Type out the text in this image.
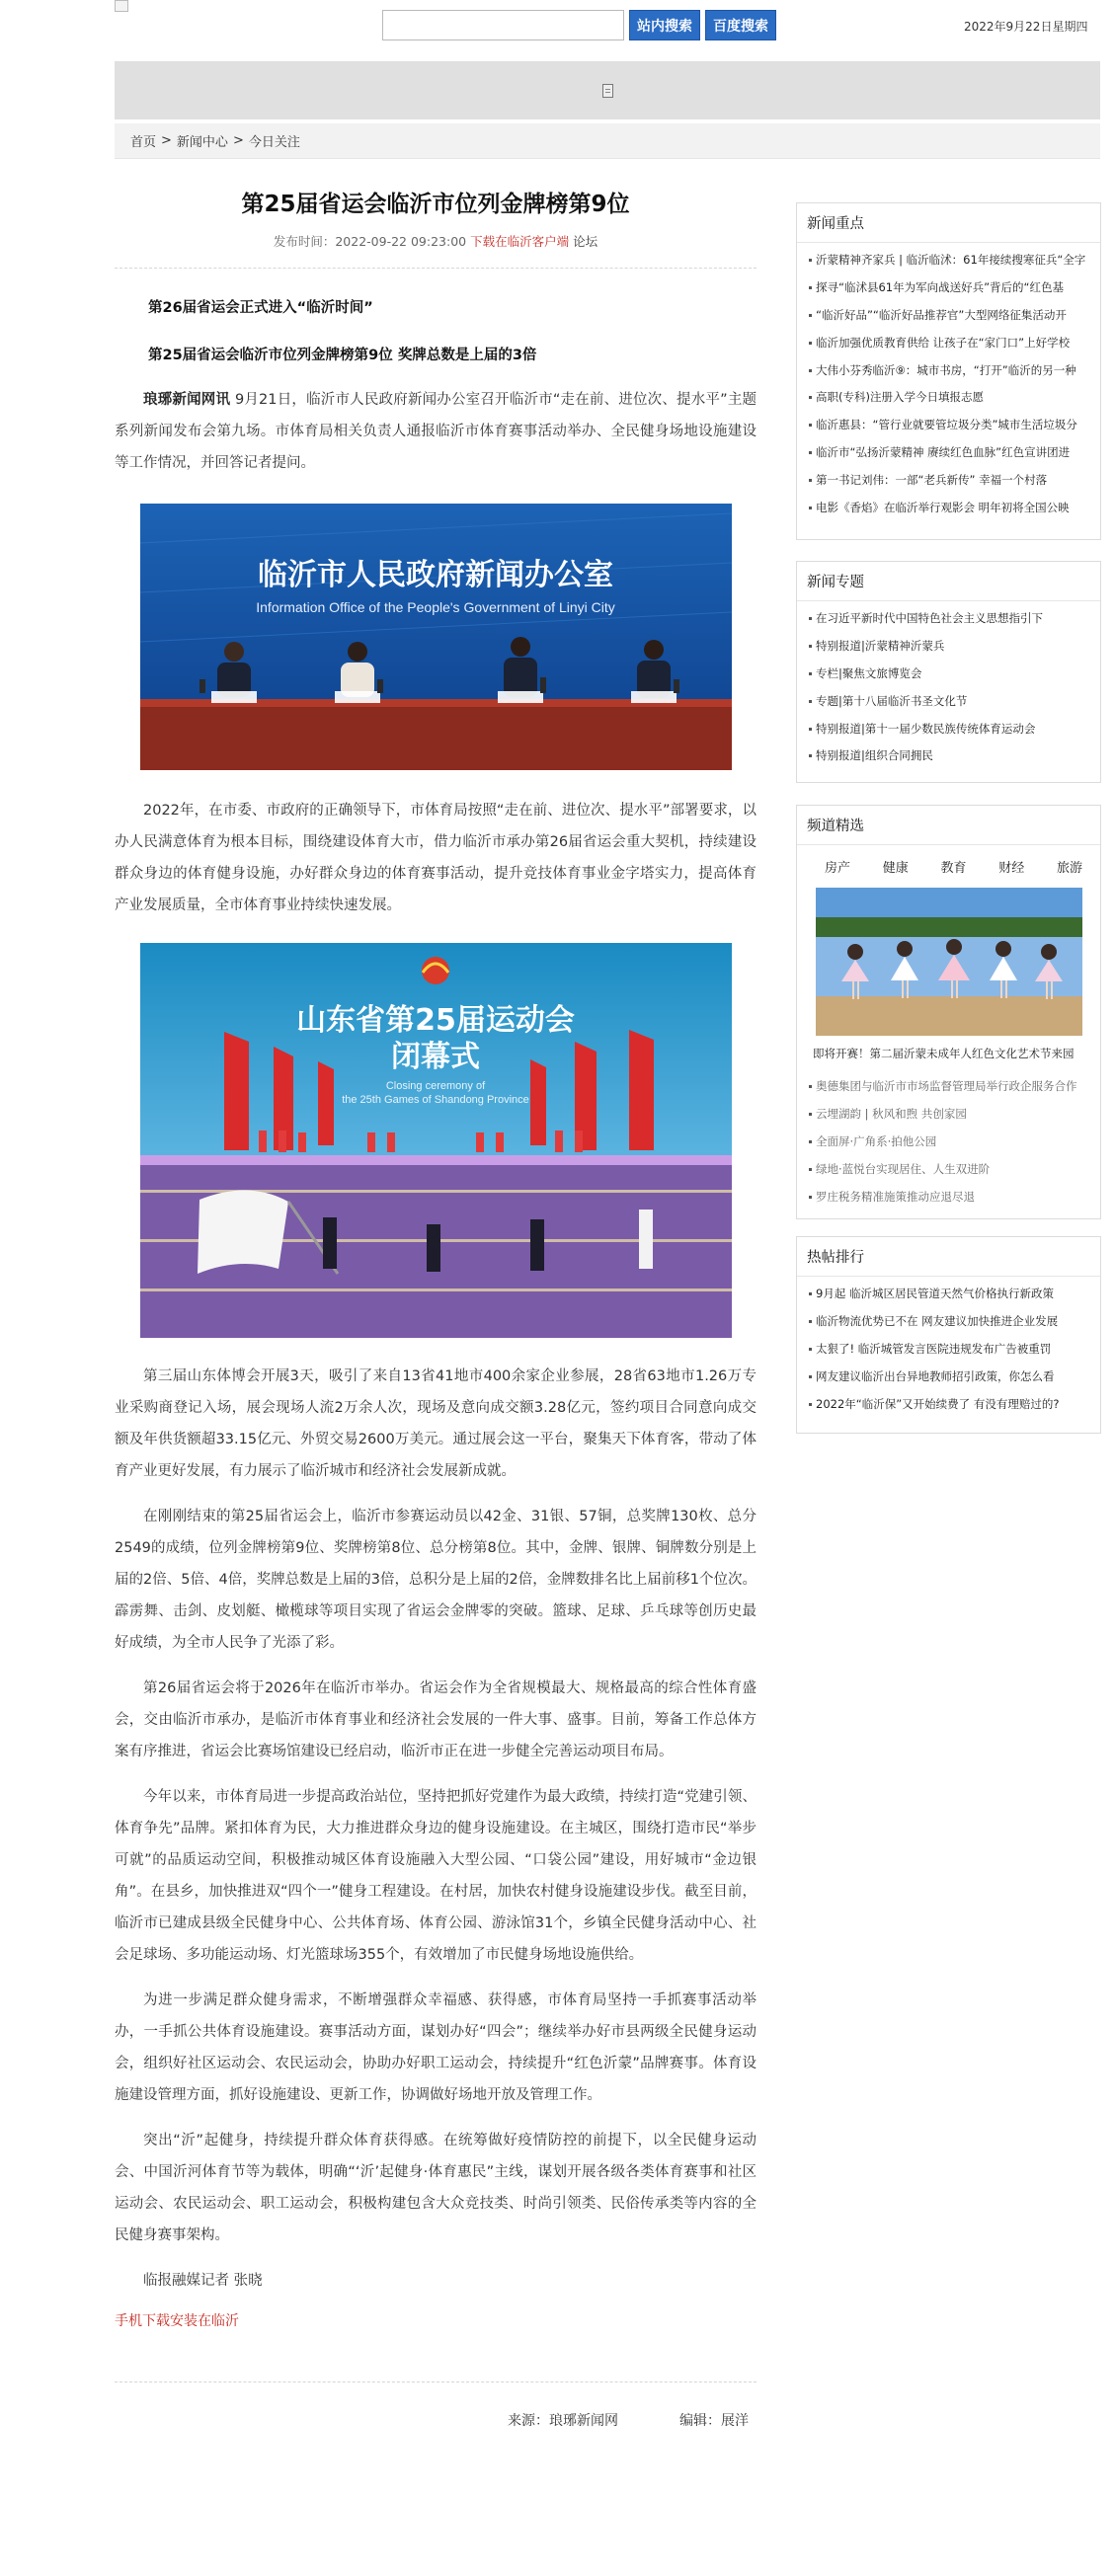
站内搜索	百度搜索	2022年9月22日星期四
首页 > 新闻中心 > 今日关注
第25届省运会临沂市位列金牌榜第9位
发布时间：2022-09-22 09:23:00 下载在临沂客户端 论坛

第26届省运会正式进入“临沂时间”

第25届省运会临沂市位列金牌榜第9位 奖牌总数是上届的3倍

琅琊新闻网讯 9月21日，临沂市人民政府新闻办公室召开临沂市“走在前、进位次、提水平”主题系列新闻发布会第九场。市体育局相关负责人通报临沂市体育赛事活动举办、全民健身场地设施建设等工作情况，并回答记者提问。

临沂市人民政府新闻办公室
Information Office of the People's Government of Linyi City

2022年，在市委、市政府的正确领导下，市体育局按照“走在前、进位次、提水平”部署要求，以办人民满意体育为根本目标，围绕建设体育大市，借力临沂市承办第26届省运会重大契机，持续建设群众身边的体育健身设施，办好群众身边的体育赛事活动，提升竞技体育事业金字塔实力，提高体育产业发展质量，全市体育事业持续快速发展。

山东省第25届运动会
闭幕式
Closing ceremony of
the 25th Games of Shandong Province

第三届山东体博会开展3天，吸引了来自13省41地市400余家企业参展，28省63地市1.26万专业采购商登记入场，展会现场人流2万余人次，现场及意向成交额3.28亿元，签约项目合同意向成交额及年供货额超33.15亿元、外贸交易2600万美元。通过展会这一平台，聚集天下体育客，带动了体育产业更好发展，有力展示了临沂城市和经济社会发展新成就。

在刚刚结束的第25届省运会上，临沂市参赛运动员以42金、31银、57铜，总奖牌130枚、总分2549的成绩，位列金牌榜第9位、奖牌榜第8位、总分榜第8位。其中，金牌、银牌、铜牌数分别是上届的2倍、5倍、4倍，奖牌总数是上届的3倍，总积分是上届的2倍，金牌数排名比上届前移1个位次。霹雳舞、击剑、皮划艇、橄榄球等项目实现了省运会金牌零的突破。篮球、足球、乒乓球等创历史最好成绩，为全市人民争了光添了彩。

第26届省运会将于2026年在临沂市举办。省运会作为全省规模最大、规格最高的综合性体育盛会，交由临沂市承办，是临沂市体育事业和经济社会发展的一件大事、盛事。目前，筹备工作总体方案有序推进，省运会比赛场馆建设已经启动，临沂市正在进一步健全完善运动项目布局。

今年以来，市体育局进一步提高政治站位，坚持把抓好党建作为最大政绩，持续打造“党建引领、体育争先”品牌。紧扣体育为民，大力推进群众身边的健身设施建设。在主城区，围绕打造市民“举步可就”的品质运动空间，积极推动城区体育设施融入大型公园、“口袋公园”建设，用好城市“金边银角”。在县乡，加快推进双“四个一”健身工程建设。在村居，加快农村健身设施建设步伐。截至目前，临沂市已建成县级全民健身中心、公共体育场、体育公园、游泳馆31个，乡镇全民健身活动中心、社会足球场、多功能运动场、灯光篮球场355个，有效增加了市民健身场地设施供给。

为进一步满足群众健身需求，不断增强群众幸福感、获得感，市体育局坚持一手抓赛事活动举办，一手抓公共体育设施建设。赛事活动方面，谋划办好“四会”；继续举办好市县两级全民健身运动会，组织好社区运动会、农民运动会，协助办好职工运动会，持续提升“红色沂蒙”品牌赛事。体育设施建设管理方面，抓好设施建设、更新工作，协调做好场地开放及管理工作。

突出“沂”起健身，持续提升群众体育获得感。在统筹做好疫情防控的前提下，以全民健身运动会、中国沂河体育节等为载体，明确“‘沂’起健身·体育惠民”主线，谋划开展各级各类体育赛事和社区运动会、农民运动会、职工运动会，积极构建包含大众竞技类、时尚引领类、民俗传承类等内容的全民健身赛事架构。

临报融媒记者 张晓

手机下载安装在临沂
来源：琅琊新闻网	编辑：展洋
新闻重点
沂蒙精神齐家兵 | 临沂临沭：61年接续搜寒征兵“全字
探寻“临沭县61年为军向战送好兵”背后的“红色基
“临沂好品”“临沂好品推荐官”大型网络征集活动开
临沂加强优质教育供给 让孩子在“家门口”上好学校
大伟小芬秀临沂⑨：城市书房，“打开”临沂的另一种
高职(专科)注册入学今日填报志愿
临沂惠县：“管行业就要管垃圾分类”城市生活垃圾分
临沂市“弘扬沂蒙精神 赓续红色血脉”红色宣讲团进
第一书记刘伟：一部“老兵新传” 幸福一个村落
电影《香焰》在临沂举行观影会 明年初将全国公映
新闻专题
在习近平新时代中国特色社会主义思想指引下
特别报道|沂蒙精神沂蒙兵
专栏|聚焦文旅博览会
专题|第十八届临沂书圣文化节
特别报道|第十一届少数民族传统体育运动会
特别报道|组织合同拥民
频道精选
房产	健康	教育	财经	旅游
即将开赛！第二届沂蒙未成年人红色文化艺术节来园
奥德集团与临沂市市场监督管理局举行政企服务合作
云埋湖韵 | 秋风和煦 共创家园
全面屏·广角系·拍他公园
绿地·蓝悦台实现居住、人生双进阶
罗庄税务精准施策推动应退尽退
热帖排行
9月起 临沂城区居民管道天然气价格执行新政策
临沂物流优势已不在 网友建议加快推进企业发展
太狠了! 临沂城管发言医院违规发布广告被重罚
网友建议临沂出台异地教师招引政策，你怎么看
2022年“临沂保”又开始续费了 有没有理赔过的?
